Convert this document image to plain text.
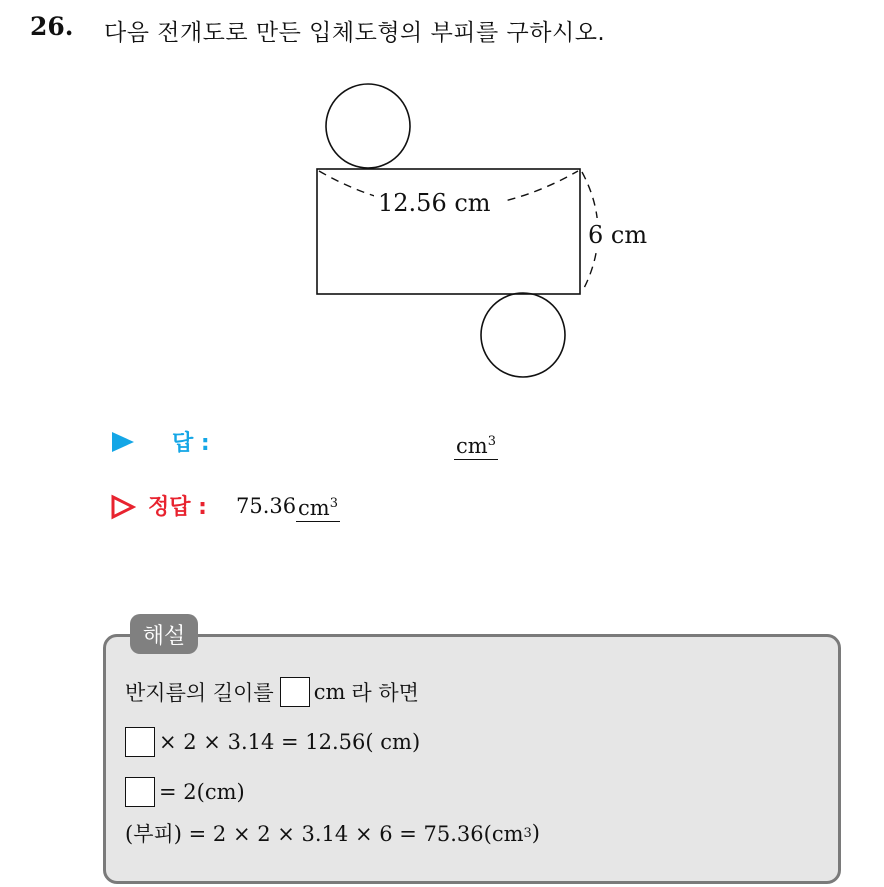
26. 다음 전개도로 만든 입체도형의 부피를 구하시오.
12.56 cm
6 cm
답 :	$cm^3$
정답 : 75.36 $cm^3$
해설
반지름의 길이를 cm 라 하면
× 2 × 3.14 = 12.56( cm)
= 2(cm)
(부피) = 2 × 2 × 3.14 × 6 = 75.36(cm 3 )
